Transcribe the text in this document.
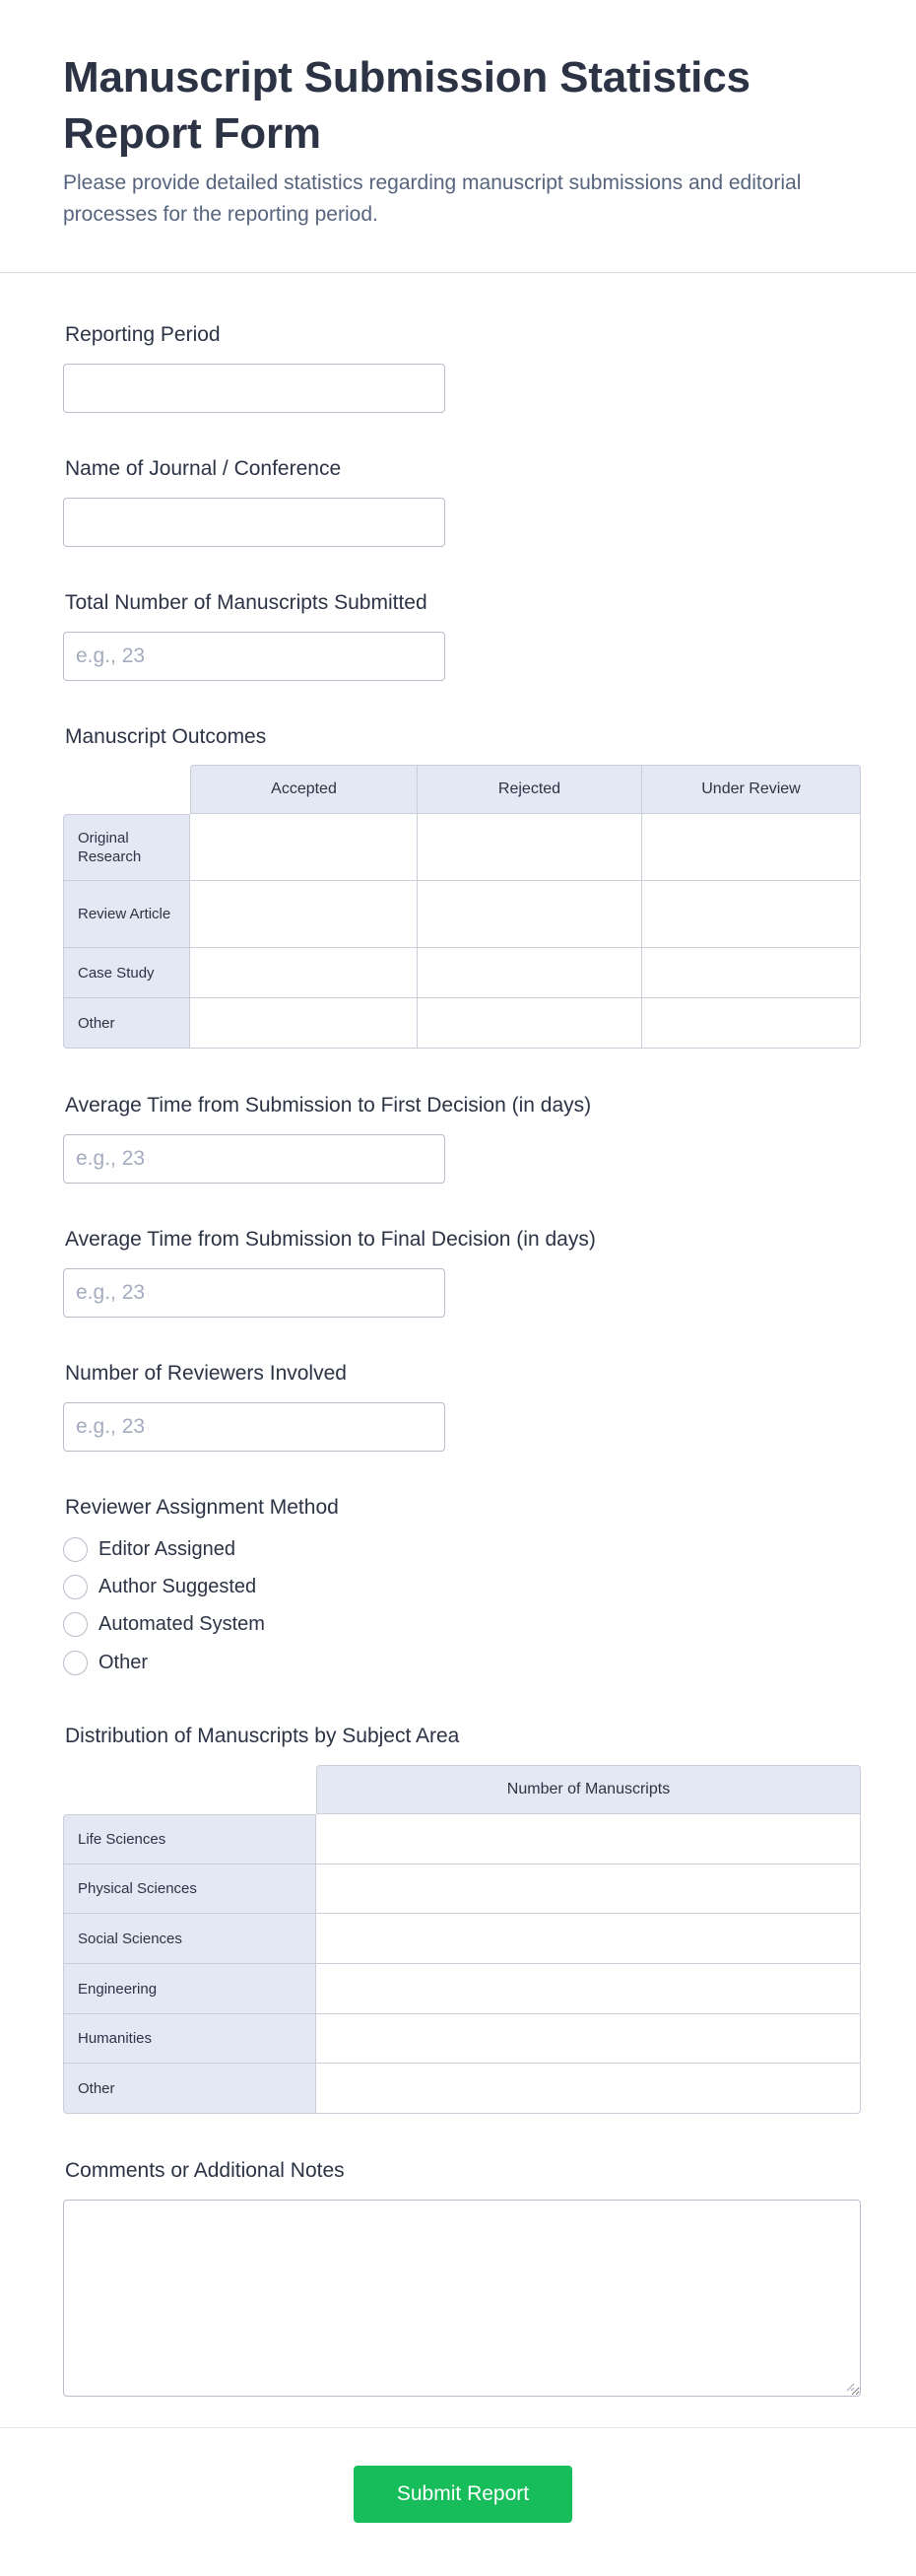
Manuscript Submission Statistics Report Form

Please provide detailed statistics regarding manuscript submissions and editorial processes for the reporting period.

Reporting Period
Name of Journal / Conference
Total Number of Manuscripts Submitted
e.g., 23
Manuscript Outcomes
	Accepted	Rejected	Under Review
Original Research			
Review Article			
Case Study			
Other			
Average Time from Submission to First Decision (in days)
e.g., 23
Average Time from Submission to Final Decision (in days)
e.g., 23
Number of Reviewers Involved
e.g., 23
Reviewer Assignment Method
Editor Assigned
Author Suggested
Automated System
Other
Distribution of Manuscripts by Subject Area
	Number of Manuscripts
Life Sciences	
Physical Sciences	
Social Sciences	
Engineering	
Humanities	
Other	
Comments or Additional Notes
Submit Report
